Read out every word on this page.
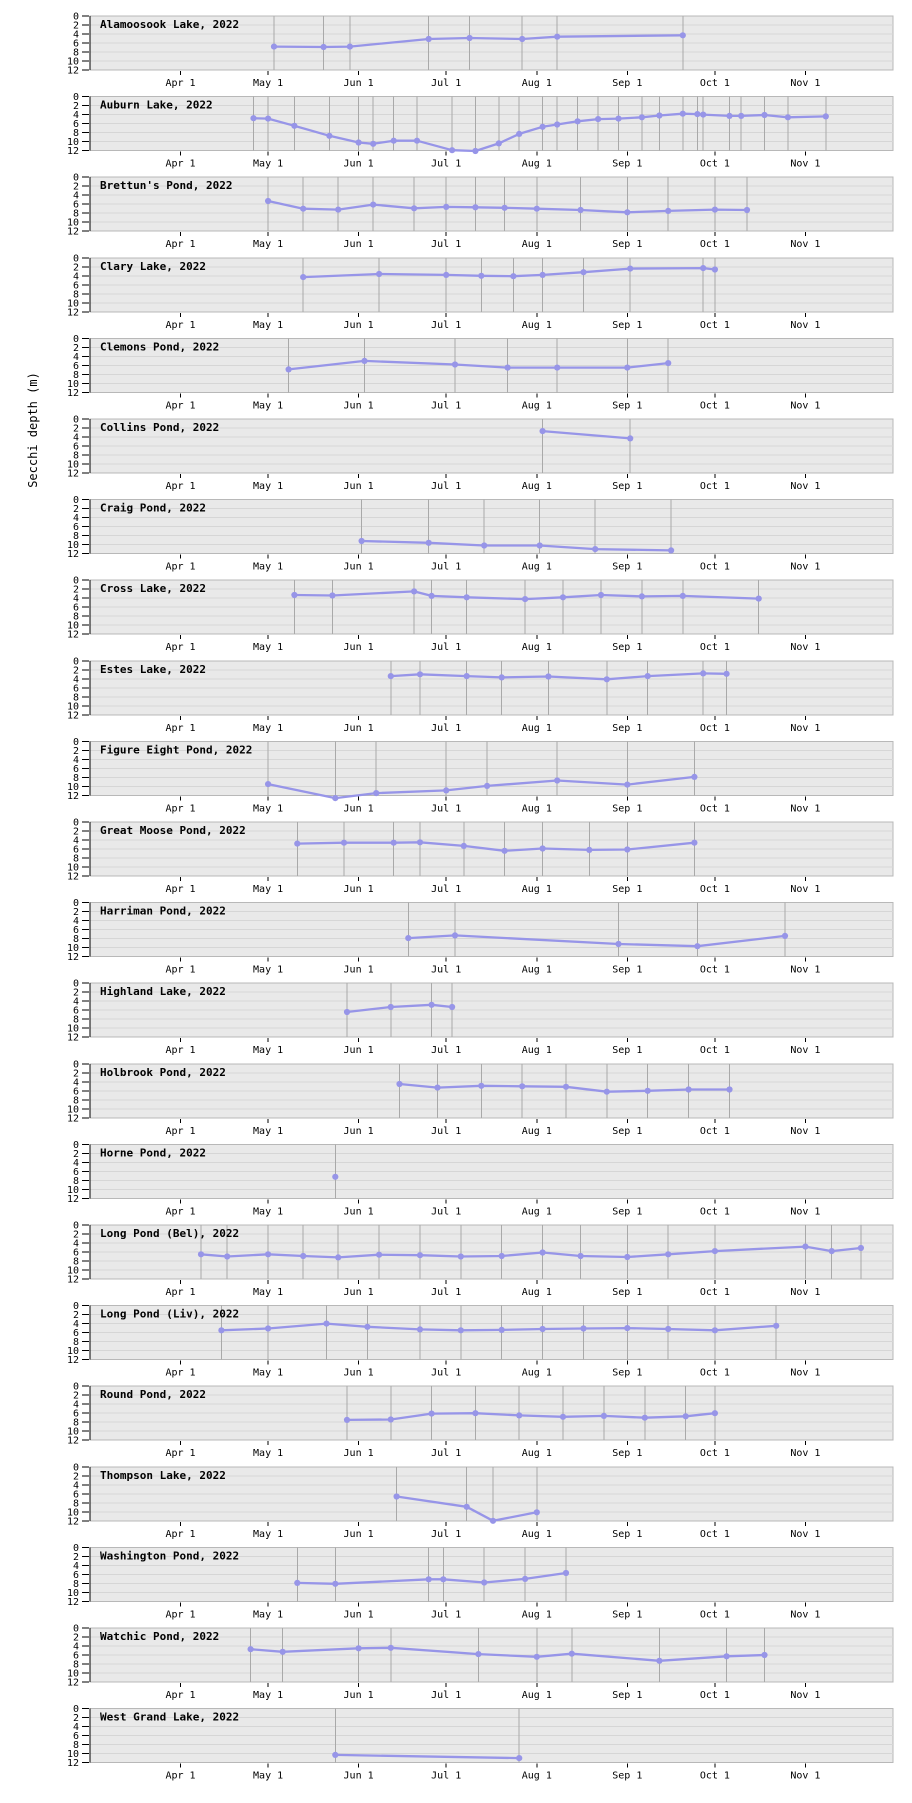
Secchi depth (m)
0
2
4
6
8
10
12
Apr 1	May 1	Jun 1	Jul 1	Aug 1	Sep 1	Oct 1	Nov 1
Alamoosook Lake, 2022
0
2
4
6
8
10
12
Apr 1	May 1	Jun 1	Jul 1	Aug 1	Sep 1	Oct 1	Nov 1
Auburn Lake, 2022
0
2
4
6
8
10
12
Apr 1	May 1	Jun 1	Jul 1	Aug 1	Sep 1	Oct 1	Nov 1
Brettun's Pond, 2022
0
2
4
6
8
10
12
Apr 1	May 1	Jun 1	Jul 1	Aug 1	Sep 1	Oct 1	Nov 1
Clary Lake, 2022
0
2
4
6
8
10
12
Apr 1	May 1	Jun 1	Jul 1	Aug 1	Sep 1	Oct 1	Nov 1
Clemons Pond, 2022
0
2
4
6
8
10
12
Apr 1	May 1	Jun 1	Jul 1	Aug 1	Sep 1	Oct 1	Nov 1
Collins Pond, 2022
0
2
4
6
8
10
12
Apr 1	May 1	Jun 1	Jul 1	Aug 1	Sep 1	Oct 1	Nov 1
Craig Pond, 2022
0
2
4
6
8
10
12
Apr 1	May 1	Jun 1	Jul 1	Aug 1	Sep 1	Oct 1	Nov 1
Cross Lake, 2022
0
2
4
6
8
10
12
Apr 1	May 1	Jun 1	Jul 1	Aug 1	Sep 1	Oct 1	Nov 1
Estes Lake, 2022
0
2
4
6
8
10
12
Apr 1	May 1	Jun 1	Jul 1	Aug 1	Sep 1	Oct 1	Nov 1
Figure Eight Pond, 2022
0
2
4
6
8
10
12
Apr 1	May 1	Jun 1	Jul 1	Aug 1	Sep 1	Oct 1	Nov 1
Great Moose Pond, 2022
0
2
4
6
8
10
12
Apr 1	May 1	Jun 1	Jul 1	Aug 1	Sep 1	Oct 1	Nov 1
Harriman Pond, 2022
0
2
4
6
8
10
12
Apr 1	May 1	Jun 1	Jul 1	Aug 1	Sep 1	Oct 1	Nov 1
Highland Lake, 2022
0
2
4
6
8
10
12
Apr 1	May 1	Jun 1	Jul 1	Aug 1	Sep 1	Oct 1	Nov 1
Holbrook Pond, 2022
0
2
4
6
8
10
12
Apr 1	May 1	Jun 1	Jul 1	Aug 1	Sep 1	Oct 1	Nov 1
Horne Pond, 2022
0
2
4
6
8
10
12
Apr 1	May 1	Jun 1	Jul 1	Aug 1	Sep 1	Oct 1	Nov 1
Long Pond (Bel), 2022
0
2
4
6
8
10
12
Apr 1	May 1	Jun 1	Jul 1	Aug 1	Sep 1	Oct 1	Nov 1
Long Pond (Liv), 2022
0
2
4
6
8
10
12
Apr 1	May 1	Jun 1	Jul 1	Aug 1	Sep 1	Oct 1	Nov 1
Round Pond, 2022
0
2
4
6
8
10
12
Apr 1	May 1	Jun 1	Jul 1	Aug 1	Sep 1	Oct 1	Nov 1
Thompson Lake, 2022
0
2
4
6
8
10
12
Apr 1	May 1	Jun 1	Jul 1	Aug 1	Sep 1	Oct 1	Nov 1
Washington Pond, 2022
0
2
4
6
8
10
12
Apr 1	May 1	Jun 1	Jul 1	Aug 1	Sep 1	Oct 1	Nov 1
Watchic Pond, 2022
0
2
4
6
8
10
12
Apr 1	May 1	Jun 1	Jul 1	Aug 1	Sep 1	Oct 1	Nov 1
West Grand Lake, 2022
